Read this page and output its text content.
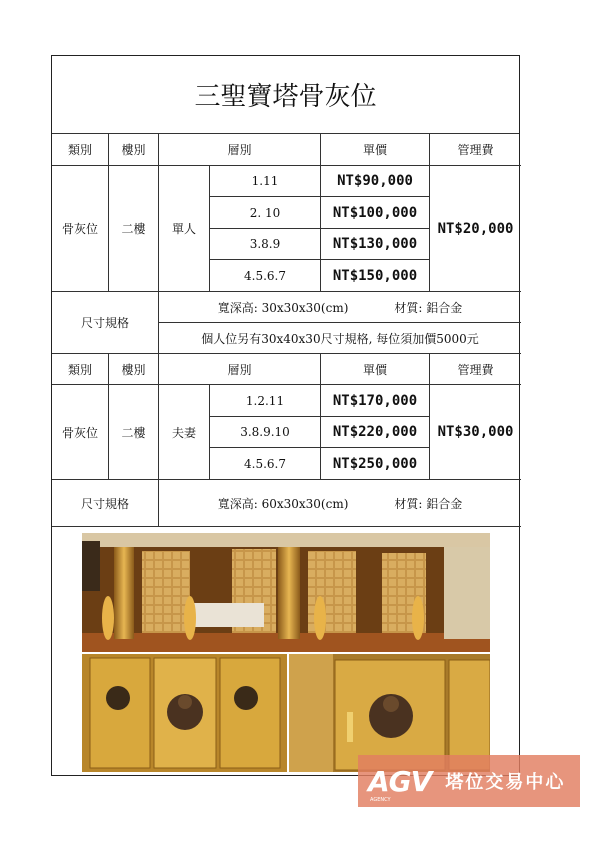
三聖寶塔骨灰位
類別	樓別	層別	單價	管理費
骨灰位	二樓	單人
1.11	NT$90,000
2. 10	NT$100,000
3.8.9	NT$130,000
4.5.6.7	NT$150,000
NT$20,000
尺寸規格
寬深高: 30x30x30(cm)	材質: 鋁合金
個人位另有30x40x30尺寸規格, 每位須加價5000元
類別	樓別	層別	單價	管理費
骨灰位	二樓	夫妻
1.2.11	NT$170,000
3.8.9.10	NT$220,000
4.5.6.7	NT$250,000
NT$30,000
尺寸規格	寬深高: 60x30x30(cm)	材質: 鋁合金
AGV 塔位交易中心
AGENCY
